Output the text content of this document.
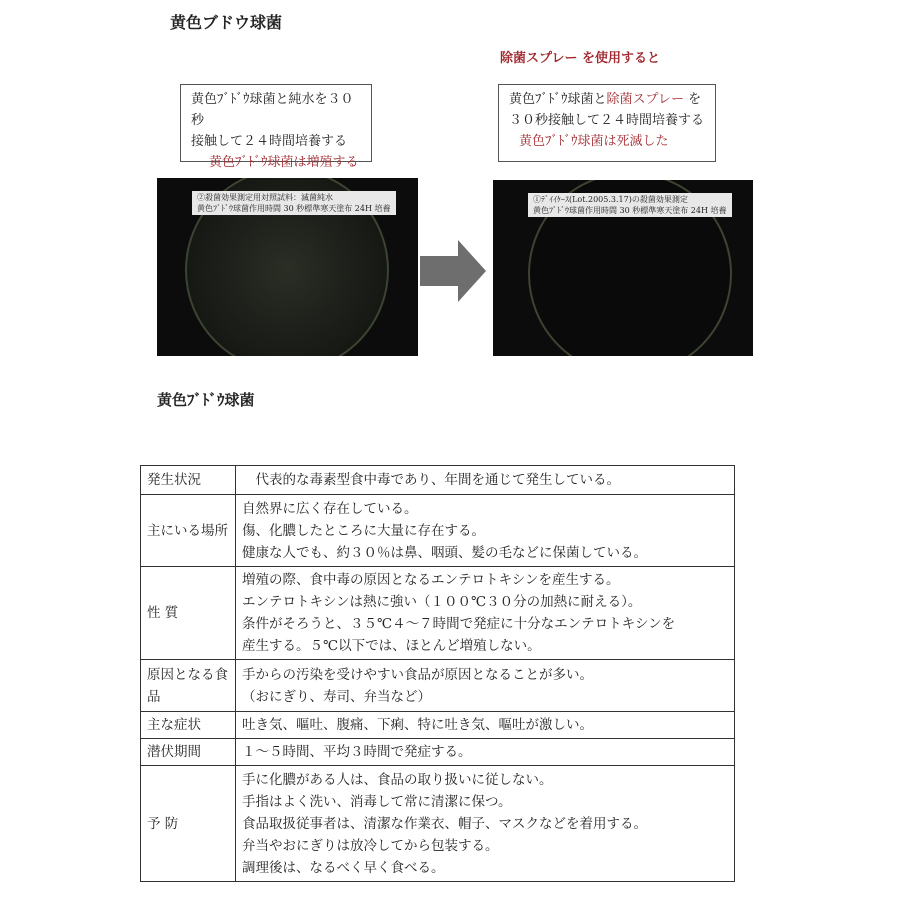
黄色ブドウ球菌
除菌スプレー を使用すると
黄色ﾌﾞﾄﾞｳ球菌と純水を３０秒
接触して２４時間培養する
黄色ﾌﾞﾄﾞｳ球菌は増殖する
黄色ﾌﾞﾄﾞｳ球菌と除菌スプレー を
３０秒接触して２４時間培養する
黄色ﾌﾞﾄﾞｳ球菌は死滅した
②殺菌効果測定用対照試料：滅菌純水
黄色ﾌﾞﾄﾞｳ球菌作用時間 30 秒標準寒天塗布 24H 培養
①ﾃﾞｲｲｹｰｽ(Lot.2005.3.17)の殺菌効果測定
黄色ﾌﾞﾄﾞｳ球菌作用時間 30 秒標準寒天塗布 24H 培養
黄色ﾌﾞﾄﾞｳ球菌
発生状況	　代表的な毒素型食中毒であり、年間を通じて発生している。

主にいる場所	自然界に広く存在している。

傷、化膿したところに大量に存在する。

健康な人でも、約３０％は鼻、咽頭、髪の毛などに保菌している。

性 質	増殖の際、食中毒の原因となるエンテロトキシンを産生する。

エンテロトキシンは熱に強い（１００℃３０分の加熱に耐える）。

条件がそろうと、３５℃４～７時間で発症に十分なエンテロトキシンを

産生する。５℃以下では、ほとんど増殖しない。

原因となる食品	手からの汚染を受けやすい食品が原因となることが多い。

（おにぎり、寿司、弁当など）

主な症状	吐き気、嘔吐、腹痛、下痢、特に吐き気、嘔吐が激しい。

潜伏期間	１～５時間、平均３時間で発症する。

予 防	手に化膿がある人は、食品の取り扱いに従しない。

手指はよく洗い、消毒して常に清潔に保つ。

食品取扱従事者は、清潔な作業衣、帽子、マスクなどを着用する。

弁当やおにぎりは放冷してから包装する。

調理後は、なるべく早く食べる。
